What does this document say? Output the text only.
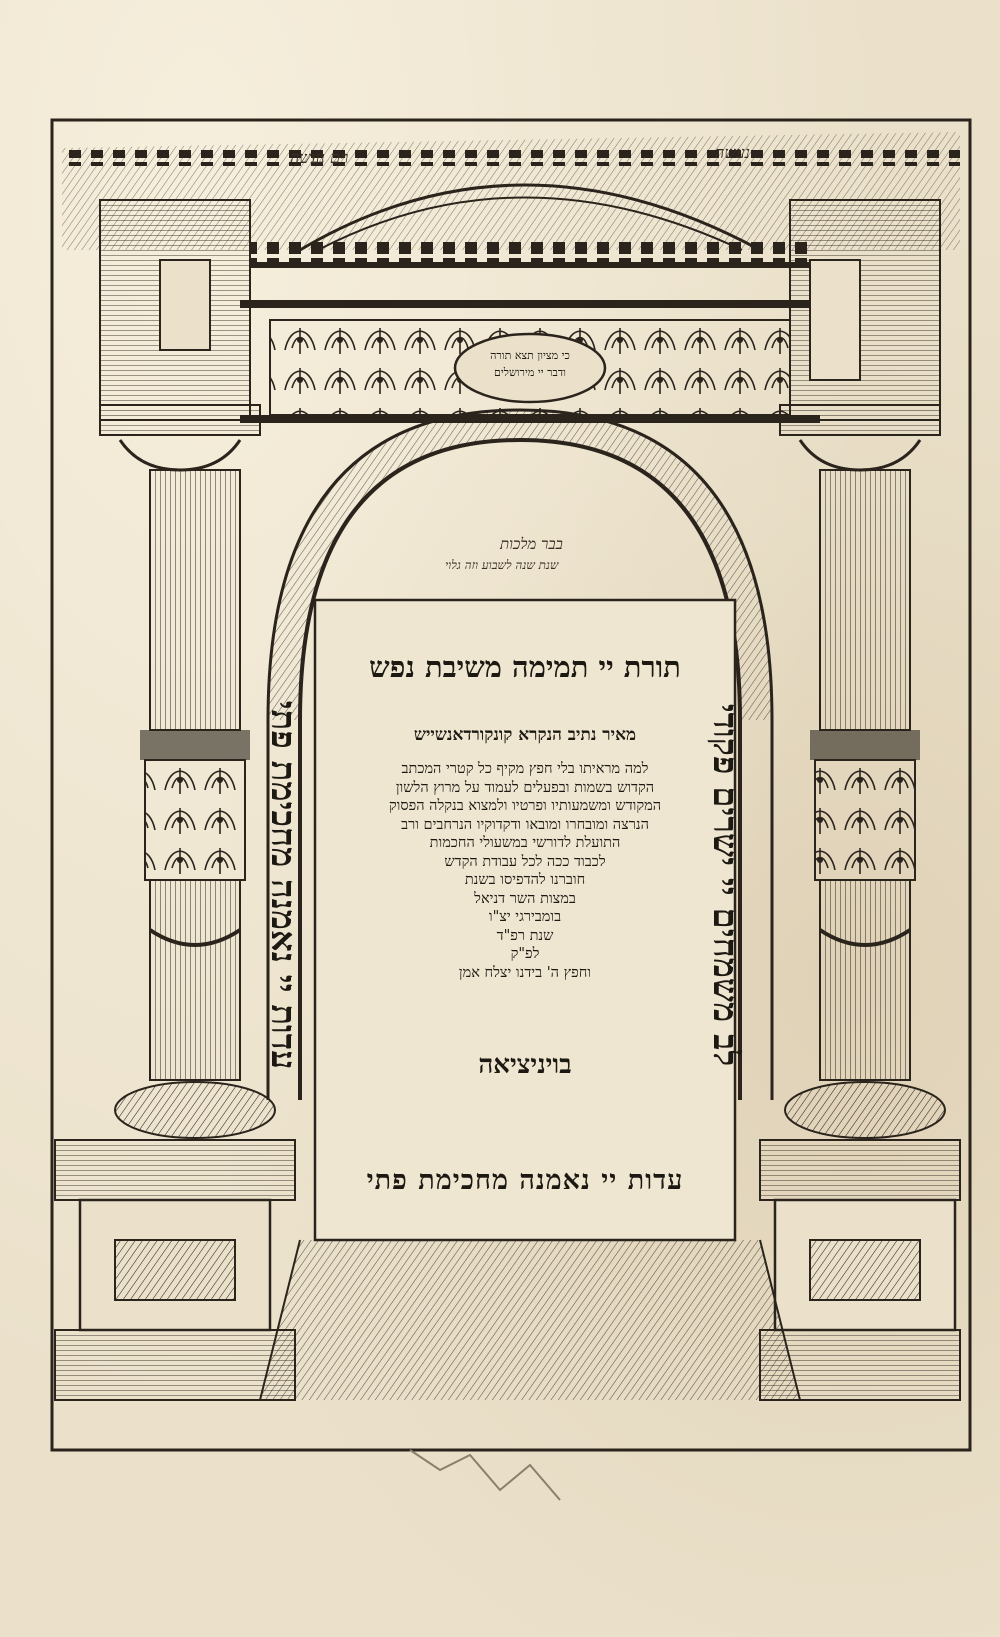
כי מציון תצא תורה
ודבר יי מירושלים
וים נעשה	נעשה
בבר מלכות
שנת שנה לשבוע וזה גלוי
תורת יי תמימה משיבת נפש
מאיר נתיב הנקרא קונקורדאנשייש
למה מראיתו בלי חפץ מקיף כל קטרי המכתב
הקדוש בשמות ובפעלים לעמוד על מרוץ הלשון
המקודש ומשמעותיו ופרטיו ולמצוא בנקלה הפסוק
הנרצה ומובחרו ומובאו ודקדוקיו הנרחבים ורב
התועלת לדורשי במשעולי החכמות
לכבוד ככה לכל עבודת הקדש
חוברנו להדפיסו בשנת
במצות השר דניאל
בומבירגי יצ"ו
שנת רפ"ד
לפ"ק
וחפץ ה' בידנו יצלח אמן
בויניציאה
עדות יי נאמנה מחכימת פתי
עדות יי נאמנה מחכימת פתי	לב משמחים יי ישרים פקודי
